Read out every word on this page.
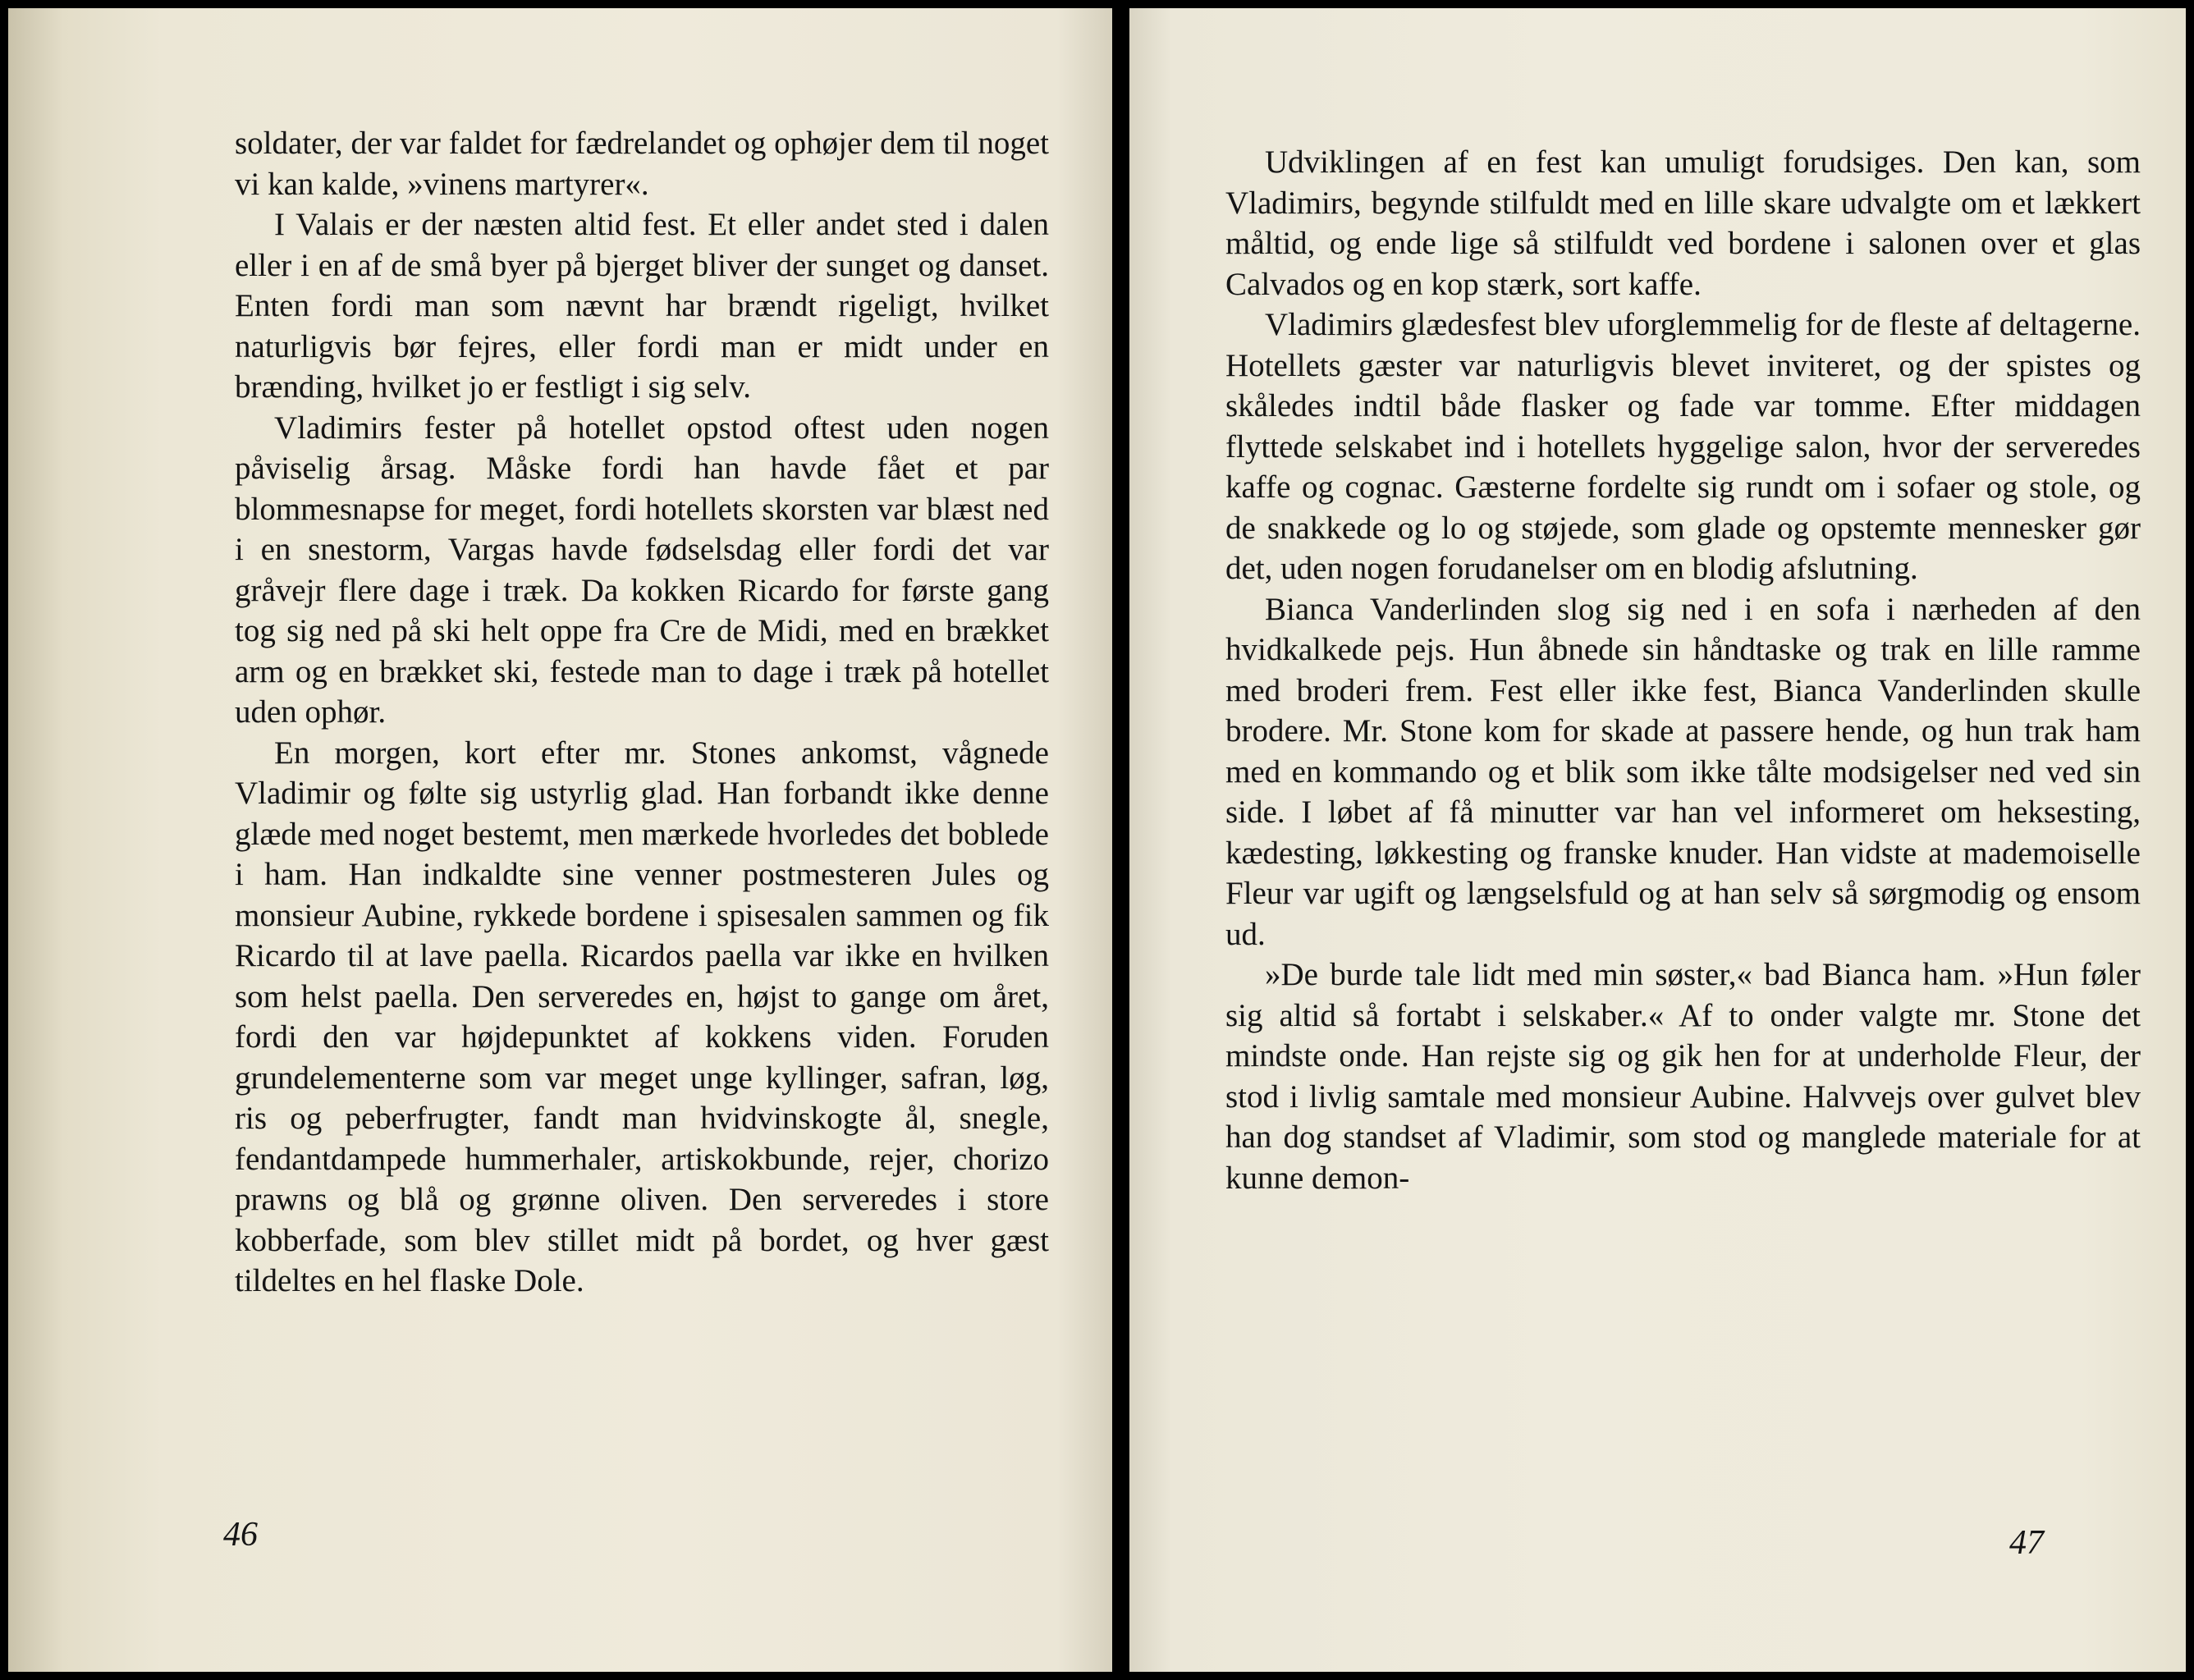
soldater, der var faldet for fædrelandet og ophøjer dem til noget vi kan kalde, »vinens martyrer«.

I Valais er der næsten altid fest. Et eller andet sted i dalen eller i en af de små byer på bjerget bliver der sunget og danset. Enten fordi man som nævnt har brændt rigeligt, hvilket naturligvis bør fejres, eller fordi man er midt under en brænding, hvilket jo er festligt i sig selv.

Vladimirs fester på hotellet opstod oftest uden nogen påviselig årsag. Måske fordi han havde fået et par blommesnapse for meget, fordi hotellets skorsten var blæst ned i en snestorm, Vargas havde fødselsdag eller fordi det var gråvejr flere dage i træk. Da kokken Ricardo for første gang tog sig ned på ski helt oppe fra Cre de Midi, med en brækket arm og en brækket ski, festede man to dage i træk på hotellet uden ophør.

En morgen, kort efter mr. Stones ankomst, vågnede Vladimir og følte sig ustyrlig glad. Han forbandt ikke denne glæde med noget bestemt, men mærkede hvorledes det boblede i ham. Han indkaldte sine venner postmesteren Jules og monsieur Aubine, rykkede bordene i spisesalen sammen og fik Ricardo til at lave paella. Ricardos paella var ikke en hvilken som helst paella. Den serveredes en, højst to gange om året, fordi den var højdepunktet af kokkens viden. Foruden grundelementerne som var meget unge kyllinger, safran, løg, ris og peberfrugter, fandt man hvidvinskogte ål, snegle, fendantdampede hummerhaler, artiskokbunde, rejer, chorizo prawns og blå og grønne oliven. Den serveredes i store kobberfade, som blev stillet midt på bordet, og hver gæst tildeltes en hel flaske Dole.

46

Udviklingen af en fest kan umuligt forudsiges. Den kan, som Vladimirs, begynde stilfuldt med en lille skare udvalgte om et lækkert måltid, og ende lige så stilfuldt ved bordene i salonen over et glas Calvados og en kop stærk, sort kaffe.

Vladimirs glædesfest blev uforglemmelig for de fleste af deltagerne. Hotellets gæster var naturligvis blevet inviteret, og der spistes og skåledes indtil både flasker og fade var tomme. Efter middagen flyttede selskabet ind i hotellets hyggelige salon, hvor der serveredes kaffe og cognac. Gæsterne fordelte sig rundt om i sofaer og stole, og de snakkede og lo og støjede, som glade og opstemte mennesker gør det, uden nogen forudanelser om en blodig afslutning.

Bianca Vanderlinden slog sig ned i en sofa i nærheden af den hvidkalkede pejs. Hun åbnede sin håndtaske og trak en lille ramme med broderi frem. Fest eller ikke fest, Bianca Vanderlinden skulle brodere. Mr. Stone kom for skade at passere hende, og hun trak ham med en kommando og et blik som ikke tålte modsigelser ned ved sin side. I løbet af få minutter var han vel informeret om heksesting, kædesting, løkkesting og franske knuder. Han vidste at mademoiselle Fleur var ugift og længselsfuld og at han selv så sørgmodig og ensom ud.

»De burde tale lidt med min søster,« bad Bianca ham. »Hun føler sig altid så fortabt i selskaber.« Af to onder valgte mr. Stone det mindste onde. Han rejste sig og gik hen for at underholde Fleur, der stod i livlig samtale med monsieur Aubine. Halvvejs over gulvet blev han dog standset af Vladimir, som stod og manglede materiale for at kunne demon-

47
